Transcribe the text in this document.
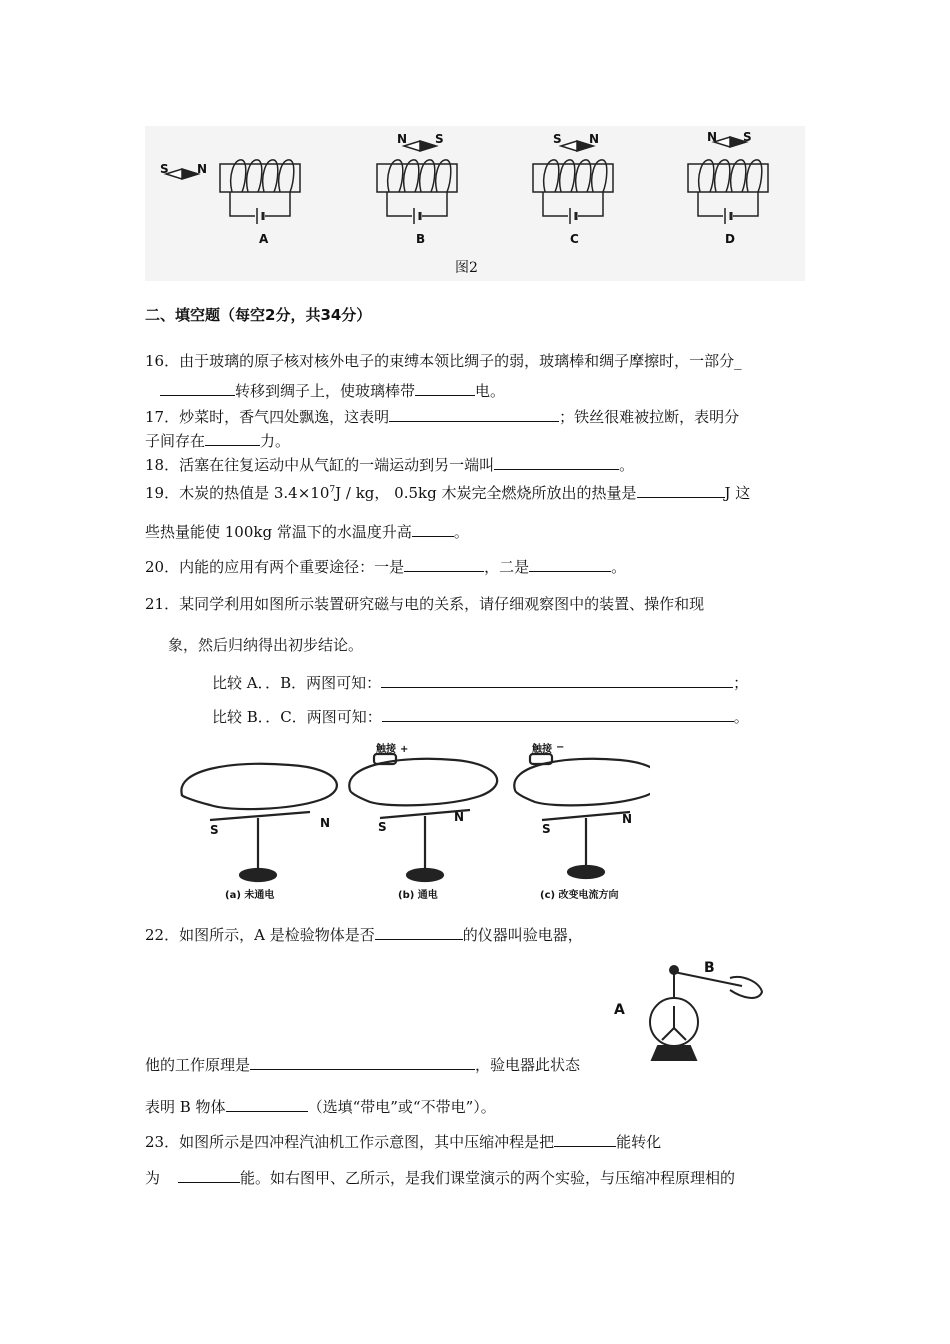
S N
N S	S N	N S
A	B	C	D
图2
二、填空题（每空2分，共34分）
16．由于玻璃的原子核对核外电子的束缚本领比绸子的弱，玻璃棒和绸子摩擦时，一部分_
转移到绸子上，使玻璃棒带	电。
17．炒菜时，香气四处飘逸，这表明	；铁丝很难被拉断，表明分
子间存在	力。
18．活塞在往复运动中从气缸的一端运动到另一端叫	。
19．木炭的热值是 $3.4\times 10^7J$ / kg， 0.5kg 木炭完全燃烧所放出的热量是	J 这
些热量能使 100kg 常温下的水温度升高	。
20．内能的应用有两个重要途径：一是	，二是	。
21．某同学利用如图所示装置研究磁与电的关系，请仔细观察图中的装置、操作和现
象，然后归纳得出初步结论。
比较 A．．B．两图可知：	；
比较 B．．C．两图可知：	。
S	N	S
N
S
N
触接 +	触接 −
(a) 未通电	(b) 通电	(c) 改变电流方向
22．如图所示，A 是检验物体是否	的仪器叫验电器，
A
B
他的工作原理是	，验电器此状态
表明 B 物体	（选填“带电”或“不带电”）。
23．如图所示是四冲程汽油机工作示意图，其中压缩冲程是把	能转化
为	能。如右图甲、乙所示，是我们课堂演示的两个实验，与压缩冲程原理相的
